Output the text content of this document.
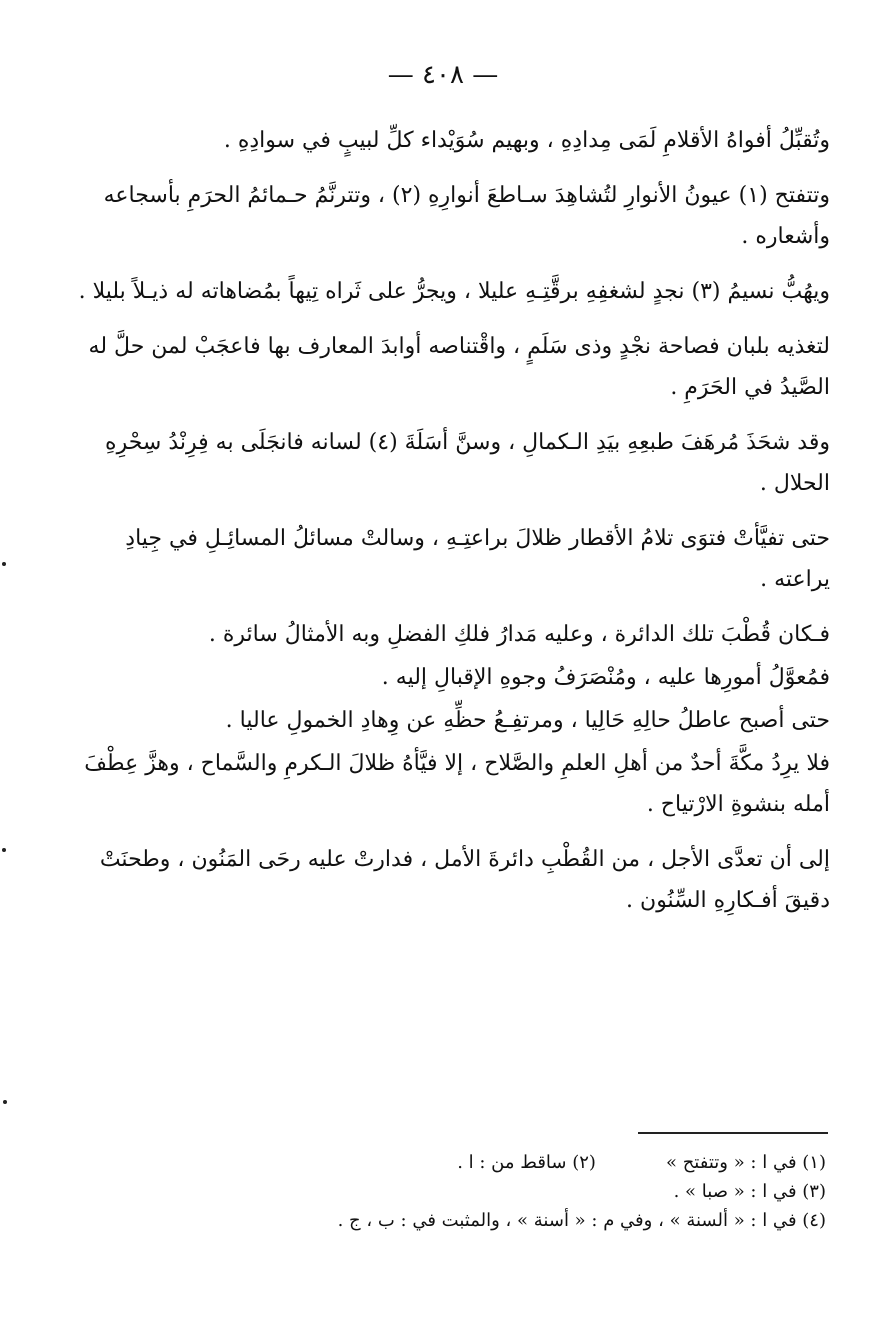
— ٤٠٨ —

وتُقبِّلُ أفواهُ الأقلامِ لَمَى مِدادِهِ ، وبهيم سُوَيْداء كلِّ لبيبٍ في سوادِهِ .

وتتفتح (١) عيونُ الأنوارِ لتُشاهِدَ سـاطعَ أنوارِهِ (٢) ، وتترنَّمُ حـمائمُ الحرَمِ بأسجاعه وأشعاره .

ويهُبُّ نسيمُ (٣) نجدٍ لشغفِهِ برقَّتِـهِ عليلا ، ويجرُّ على ثَراه تِيهاً بمُضاهاته له ذيـلاً بليلا .

لتغذيه بلبان فصاحة نجْدٍ وذى سَلَمٍ ، واقْتناصه أوابدَ المعارف بها فاعجَبْ لمن حلَّ له الصَّيدُ في الحَرَمِ .

وقد شحَذَ مُرهَفَ طبعِهِ بيَدِ الـكمالِ ، وسنَّ أسَلَةَ (٤) لسانه فانجَلَى به فِرِنْدُ سِحْرِهِ الحلال .

حتى تفيَّأتْ فتوَى تلامُ الأقطار ظلالَ براعتِـهِ ، وسالتْ مسائلُ المسائِـلِ في جِيادِ يراعته .

فـكان قُطْبَ تلك الدائرة ، وعليه مَدارُ فلكِ الفضلِ وبه الأمثالُ سائرة .

فمُعوَّلُ أمورِها عليه ، ومُنْصَرَفُ وجوهِ الإقبالِ إليه .

حتى أصبح عاطلُ حالِهِ حَالِيا ، ومرتفِـعُ حظِّهِ عن وِهادِ الخمولِ عاليا .

فلا يرِدُ مكَّةَ أحدٌ من أهلِ العلمِ والصَّلاح ، إلا فيَّأهُ ظلالَ الـكرمِ والسَّماح ، وهزَّ عِطْفَ أمله بنشوةِ الارْتياح .

إلى أن تعدَّى الأجل ، من القُطْبِ دائرةَ الأمل ، فدارتْ عليه رحَى المَنُون ، وطحنَتْ دقيقَ أفـكارِهِ السِّنُون .

(١) في ا : « وتتفتح »
(٢) ساقط من : ا .
(٣) في ا : « صبا » .
(٤) في ا : « ألسنة » ، وفي م : « أسنة » ، والمثبت في : ب ، ج .
